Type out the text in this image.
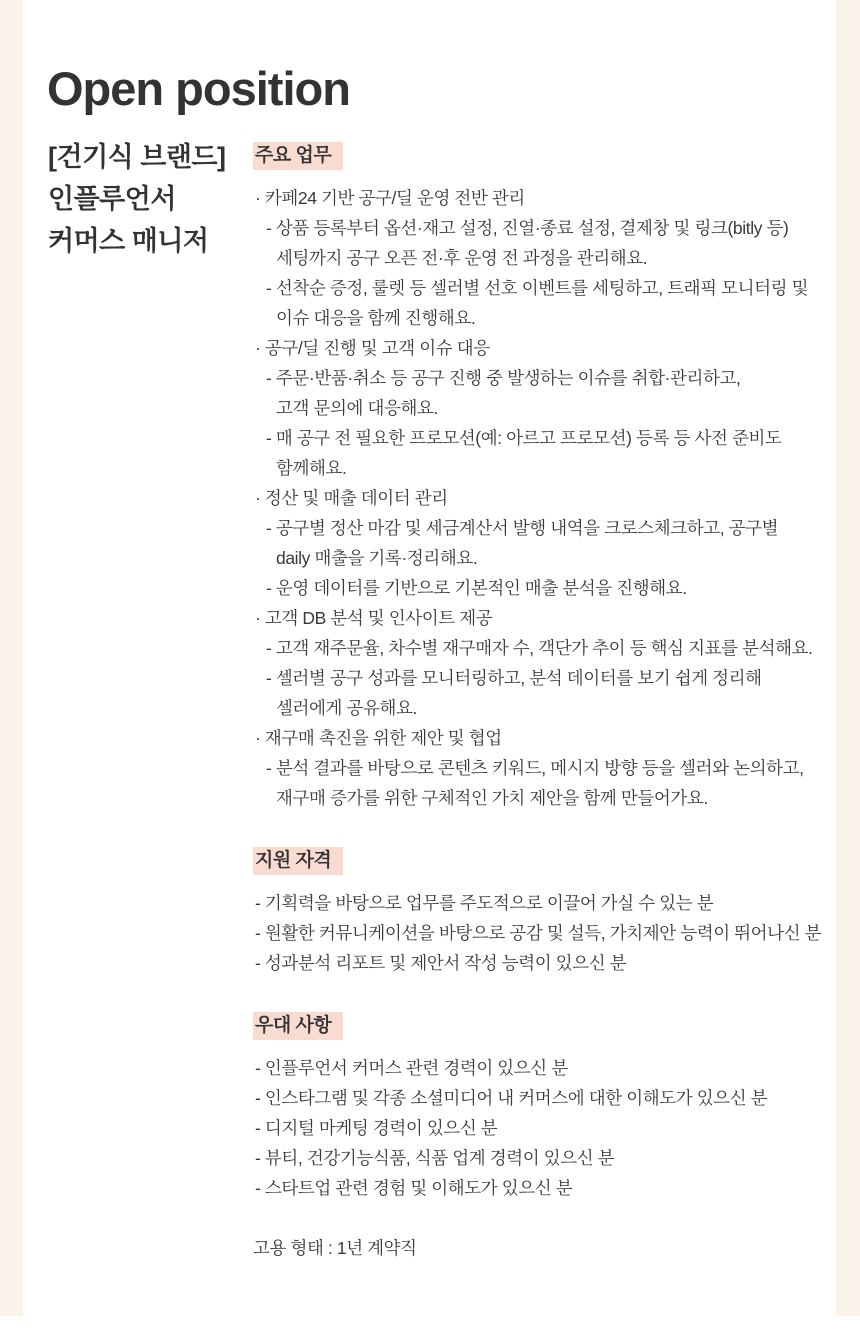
Open position
[건기식 브랜드]
인플루언서
커머스 매니저
주요 업무
· 카페24 기반 공구/딜 운영 전반 관리
- 상품 등록부터 옵션·재고 설정, 진열·종료 설정, 결제창 및 링크(bitly 등)
세팅까지 공구 오픈 전·후 운영 전 과정을 관리해요.
- 선착순 증정, 룰렛 등 셀러별 선호 이벤트를 세팅하고, 트래픽 모니터링 및
이슈 대응을 함께 진행해요.
· 공구/딜 진행 및 고객 이슈 대응
- 주문·반품·취소 등 공구 진행 중 발생하는 이슈를 취합·관리하고,
고객 문의에 대응해요.
- 매 공구 전 필요한 프로모션(예: 아르고 프로모션) 등록 등 사전 준비도
함께해요.
· 정산 및 매출 데이터 관리
- 공구별 정산 마감 및 세금계산서 발행 내역을 크로스체크하고, 공구별
daily 매출을 기록·정리해요.
- 운영 데이터를 기반으로 기본적인 매출 분석을 진행해요.
· 고객 DB 분석 및 인사이트 제공
- 고객 재주문율, 차수별 재구매자 수, 객단가 추이 등 핵심 지표를 분석해요.
- 셀러별 공구 성과를 모니터링하고, 분석 데이터를 보기 쉽게 정리해
셀러에게 공유해요.
· 재구매 촉진을 위한 제안 및 협업
- 분석 결과를 바탕으로 콘텐츠 키워드, 메시지 방향 등을 셀러와 논의하고,
재구매 증가를 위한 구체적인 가치 제안을 함께 만들어가요.
지원 자격
- 기획력을 바탕으로 업무를 주도적으로 이끌어 가실 수 있는 분
- 원활한 커뮤니케이션을 바탕으로 공감 및 설득, 가치제안 능력이 뛰어나신 분
- 성과분석 리포트 및 제안서 작성 능력이 있으신 분
우대 사항
- 인플루언서 커머스 관련 경력이 있으신 분
- 인스타그램 및 각종 소셜미디어 내 커머스에 대한 이해도가 있으신 분
- 디지털 마케팅 경력이 있으신 분
- 뷰티, 건강기능식품, 식품 업계 경력이 있으신 분
- 스타트업 관련 경험 및 이해도가 있으신 분
고용 형태 : 1년 계약직
